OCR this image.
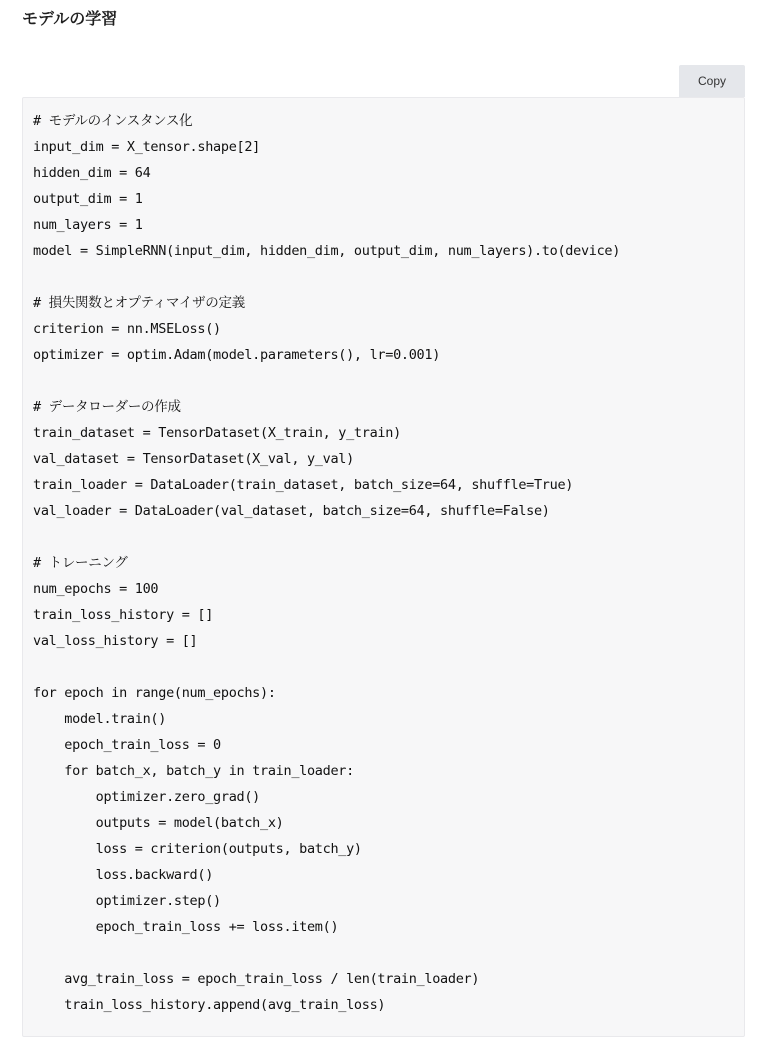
モデルの学習
Copy
# モデルのインスタンス化
input_dim = X_tensor.shape[2]
hidden_dim = 64
output_dim = 1
num_layers = 1
model = SimpleRNN(input_dim, hidden_dim, output_dim, num_layers).to(device)

# 損失関数とオプティマイザの定義
criterion = nn.MSELoss()
optimizer = optim.Adam(model.parameters(), lr=0.001)

# データローダーの作成
train_dataset = TensorDataset(X_train, y_train)
val_dataset = TensorDataset(X_val, y_val)
train_loader = DataLoader(train_dataset, batch_size=64, shuffle=True)
val_loader = DataLoader(val_dataset, batch_size=64, shuffle=False)

# トレーニング
num_epochs = 100
train_loss_history = []
val_loss_history = []

for epoch in range(num_epochs):
model.train()
epoch_train_loss = 0
for batch_x, batch_y in train_loader:
optimizer.zero_grad()
outputs = model(batch_x)
loss = criterion(outputs, batch_y)
loss.backward()
optimizer.step()
epoch_train_loss += loss.item()

avg_train_loss = epoch_train_loss / len(train_loader)
train_loss_history.append(avg_train_loss)
